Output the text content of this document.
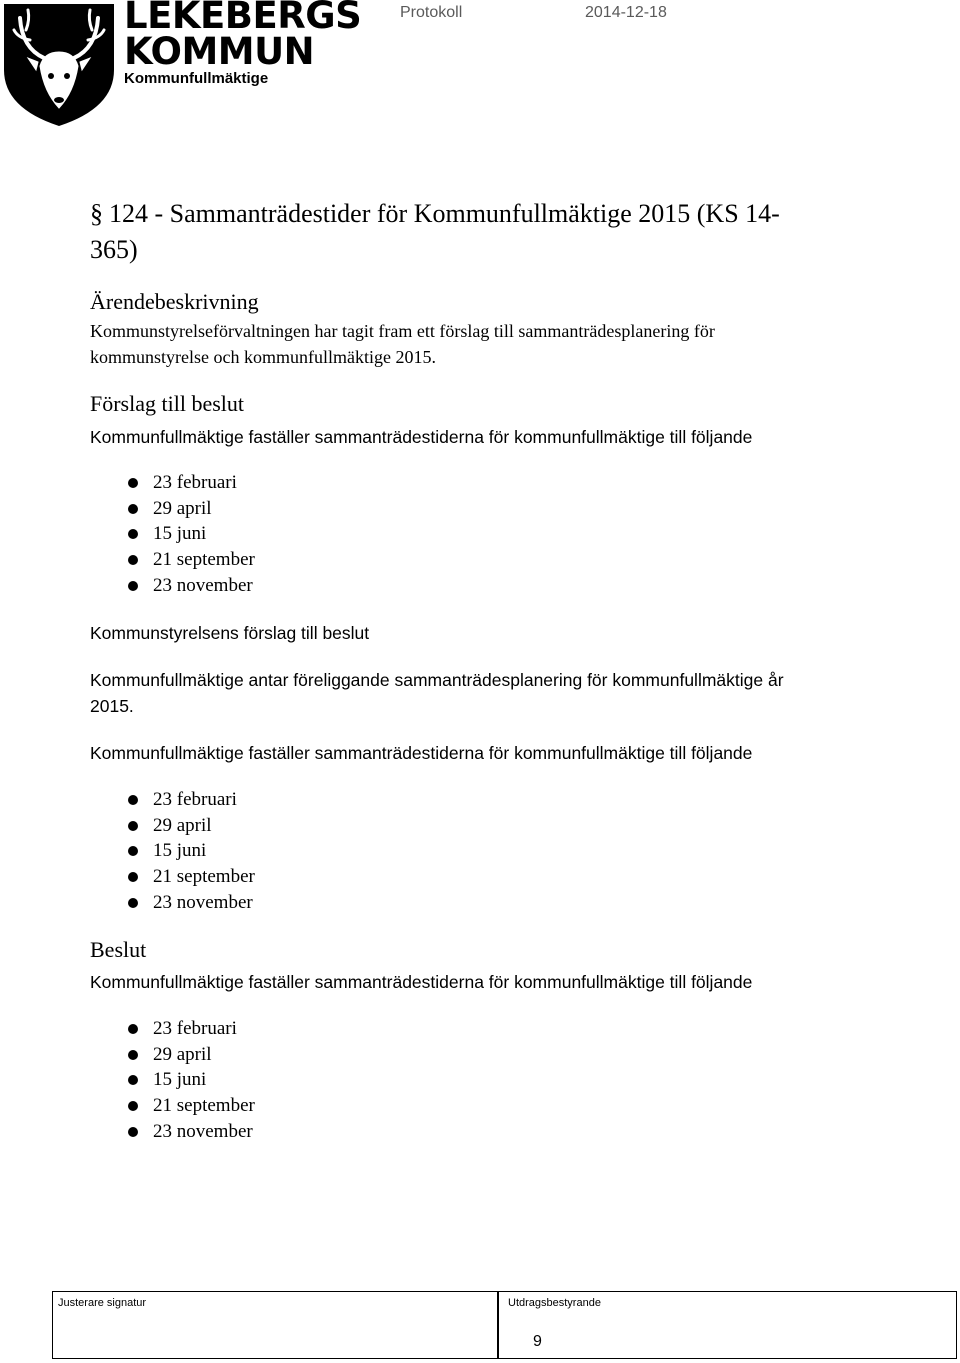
LEKEBERGS
KOMMUN
Kommunfullmäktige
Protokoll	2014-12-18
§ 124 - Sammanträdestider för Kommunfullmäktige 2015 (KS 14-
365)
Ärendebeskrivning
Kommunstyrelseförvaltningen har tagit fram ett förslag till sammanträdesplanering för
kommunstyrelse och kommunfullmäktige 2015.
Förslag till beslut
Kommunfullmäktige faställer sammanträdestiderna för kommunfullmäktige till följande
23 februari
29 april
15 juni
21 september
23 november
Kommunstyrelsens förslag till beslut
Kommunfullmäktige antar föreliggande sammanträdesplanering för kommunfullmäktige år
2015.
Kommunfullmäktige faställer sammanträdestiderna för kommunfullmäktige till följande
23 februari
29 april
15 juni
21 september
23 november
Beslut
Kommunfullmäktige faställer sammanträdestiderna för kommunfullmäktige till följande
23 februari
29 april
15 juni
21 september
23 november
Justerare signatur	Utdragsbestyrande
9
